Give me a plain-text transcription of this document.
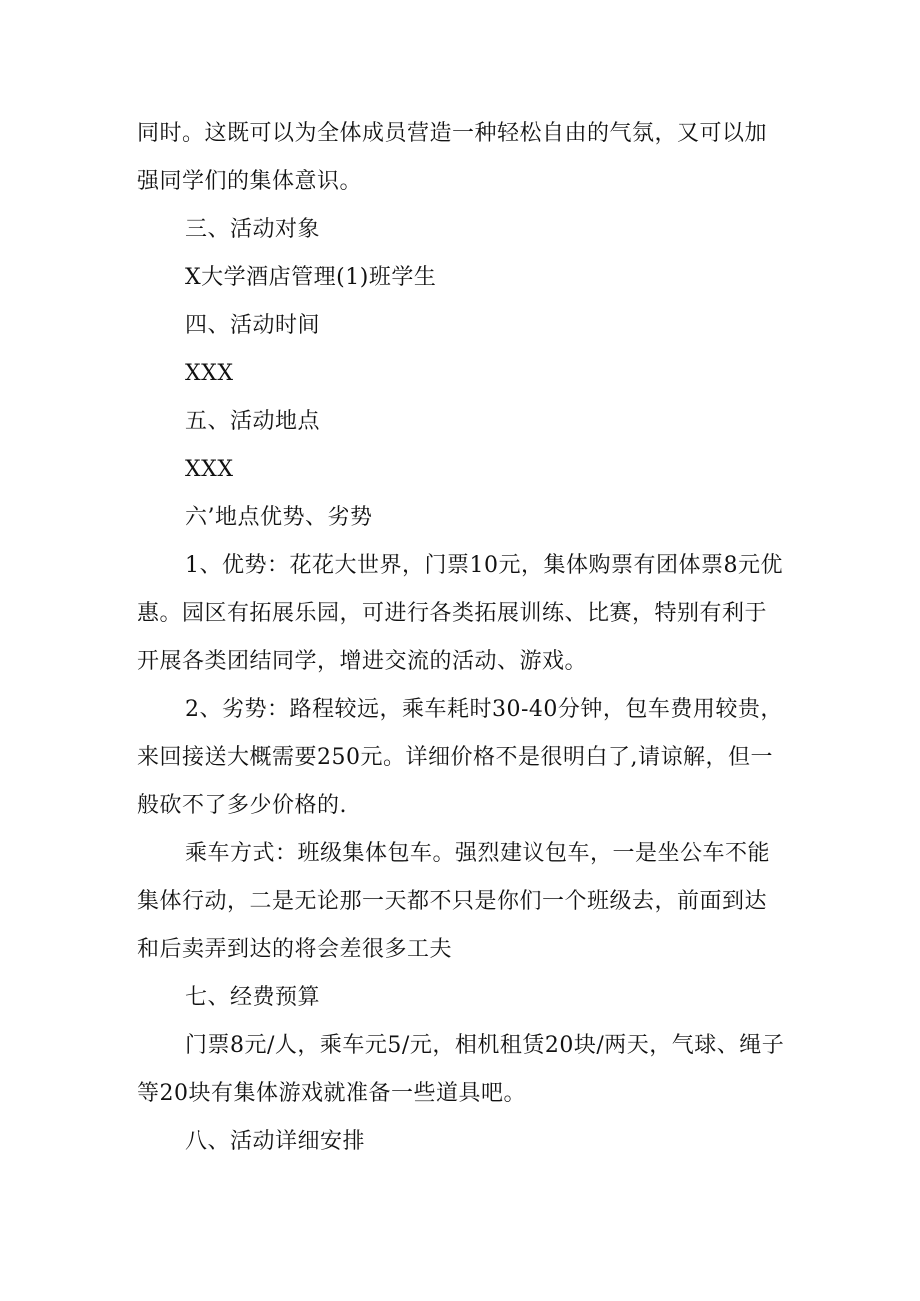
同时。这既可以为全体成员营造一种轻松自由的气氛，又可以加
强同学们的集体意识。
三、活动对象
X大学酒店管理(1)班学生
四、活动时间
XXX
五、活动地点
XXX
六’地点优势、劣势
1、优势：花花大世界，门票10元，集体购票有团体票8元优
惠。园区有拓展乐园，可进行各类拓展训练、比赛，特别有利于
开展各类团结同学，增进交流的活动、游戏。
2、劣势：路程较远，乘车耗时30-40分钟，包车费用较贵，
来回接送大概需要250元。详细价格不是很明白了,请谅解，但一
般砍不了多少价格的.
乘车方式：班级集体包车。强烈建议包车，一是坐公车不能
集体行动，二是无论那一天都不只是你们一个班级去，前面到达
和后卖弄到达的将会差很多工夫
七、经费预算
门票8元/人，乘车元5/元，相机租赁20块/两天，气球、绳子
等20块有集体游戏就准备一些道具吧。
八、活动详细安排
